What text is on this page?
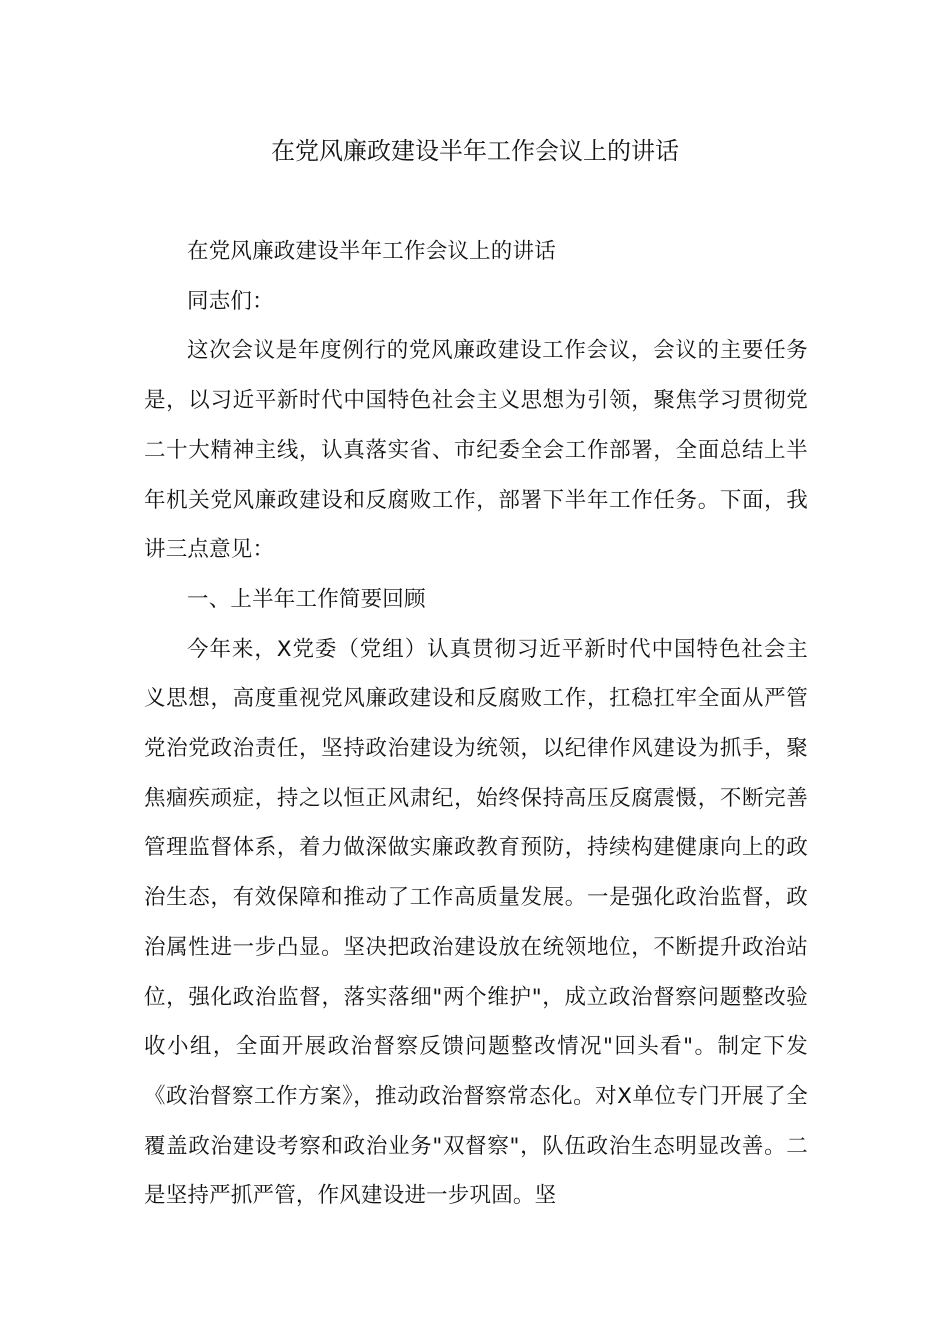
在党风廉政建设半年工作会议上的讲话

在党风廉政建设半年工作会议上的讲话

同志们：

这次会议是年度例行的党风廉政建设工作会议，会议的主要任务是，以习近平新时代中国特色社会主义思想为引领，聚焦学习贯彻党二十大精神主线，认真落实省、市纪委全会工作部署，全面总结上半年机关党风廉政建设和反腐败工作，部署下半年工作任务。下面，我讲三点意见：

一、上半年工作简要回顾

今年来，X党委（党组）认真贯彻习近平新时代中国特色社会主义思想，高度重视党风廉政建设和反腐败工作，扛稳扛牢全面从严管党治党政治责任，坚持政治建设为统领，以纪律作风建设为抓手，聚焦痼疾顽症，持之以恒正风肃纪，始终保持高压反腐震慑，不断完善管理监督体系，着力做深做实廉政教育预防，持续构建健康向上的政治生态，有效保障和推动了工作高质量发展。一是强化政治监督，政治属性进一步凸显。坚决把政治建设放在统领地位，不断提升政治站位，强化政治监督，落实落细"两个维护"，成立政治督察问题整改验收小组，全面开展政治督察反馈问题整改情况"回头看"。制定下发《政治督察工作方案》，推动政治督察常态化。对X单位专门开展了全覆盖政治建设考察和政治业务"双督察"，队伍政治生态明显改善。二是坚持严抓严管，作风建设进一步巩固。坚
